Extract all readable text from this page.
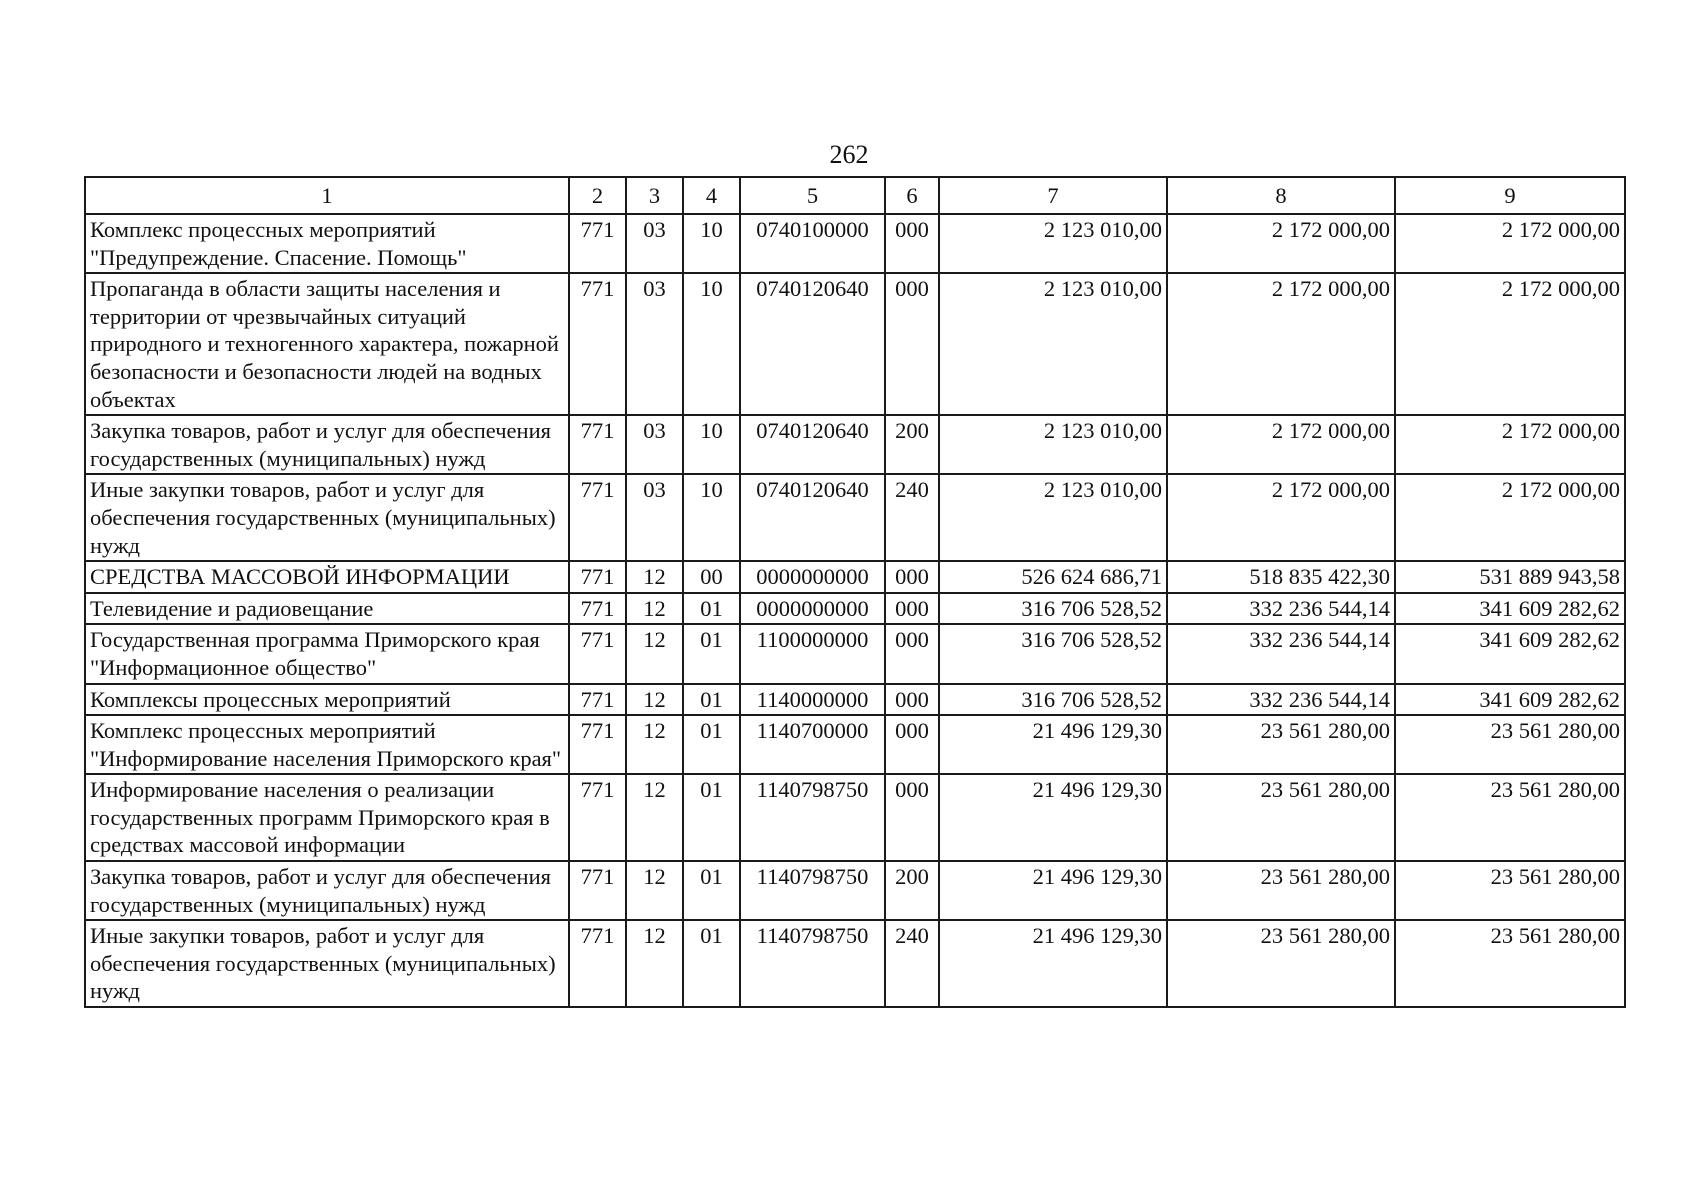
262
1	2	3	4	5	6	7	8	9
Комплекс процессных мероприятий "Предупреждение. Спасение. Помощь"	771	03	10	0740100000	000	2 123 010,00	2 172 000,00	2 172 000,00
Пропаганда в области защиты населения и территории от чрезвычайных ситуаций природного и техногенного характера, пожарной безопасности и безопасности людей на водных объектах	771	03	10	0740120640	000	2 123 010,00	2 172 000,00	2 172 000,00
Закупка товаров, работ и услуг для обеспечения государственных (муниципальных) нужд	771	03	10	0740120640	200	2 123 010,00	2 172 000,00	2 172 000,00
Иные закупки товаров, работ и услуг для обеспечения государственных (муниципальных) нужд	771	03	10	0740120640	240	2 123 010,00	2 172 000,00	2 172 000,00
СРЕДСТВА МАССОВОЙ ИНФОРМАЦИИ	771	12	00	0000000000	000	526 624 686,71	518 835 422,30	531 889 943,58
Телевидение и радиовещание	771	12	01	0000000000	000	316 706 528,52	332 236 544,14	341 609 282,62
Государственная программа Приморского края "Информационное общество"	771	12	01	1100000000	000	316 706 528,52	332 236 544,14	341 609 282,62
Комплексы процессных мероприятий	771	12	01	1140000000	000	316 706 528,52	332 236 544,14	341 609 282,62
Комплекс процессных мероприятий "Информирование населения Приморского края"	771	12	01	1140700000	000	21 496 129,30	23 561 280,00	23 561 280,00
Информирование населения о реализации государственных программ Приморского края в средствах массовой информации	771	12	01	1140798750	000	21 496 129,30	23 561 280,00	23 561 280,00
Закупка товаров, работ и услуг для обеспечения государственных (муниципальных) нужд	771	12	01	1140798750	200	21 496 129,30	23 561 280,00	23 561 280,00
Иные закупки товаров, работ и услуг для обеспечения государственных (муниципальных) нужд	771	12	01	1140798750	240	21 496 129,30	23 561 280,00	23 561 280,00
